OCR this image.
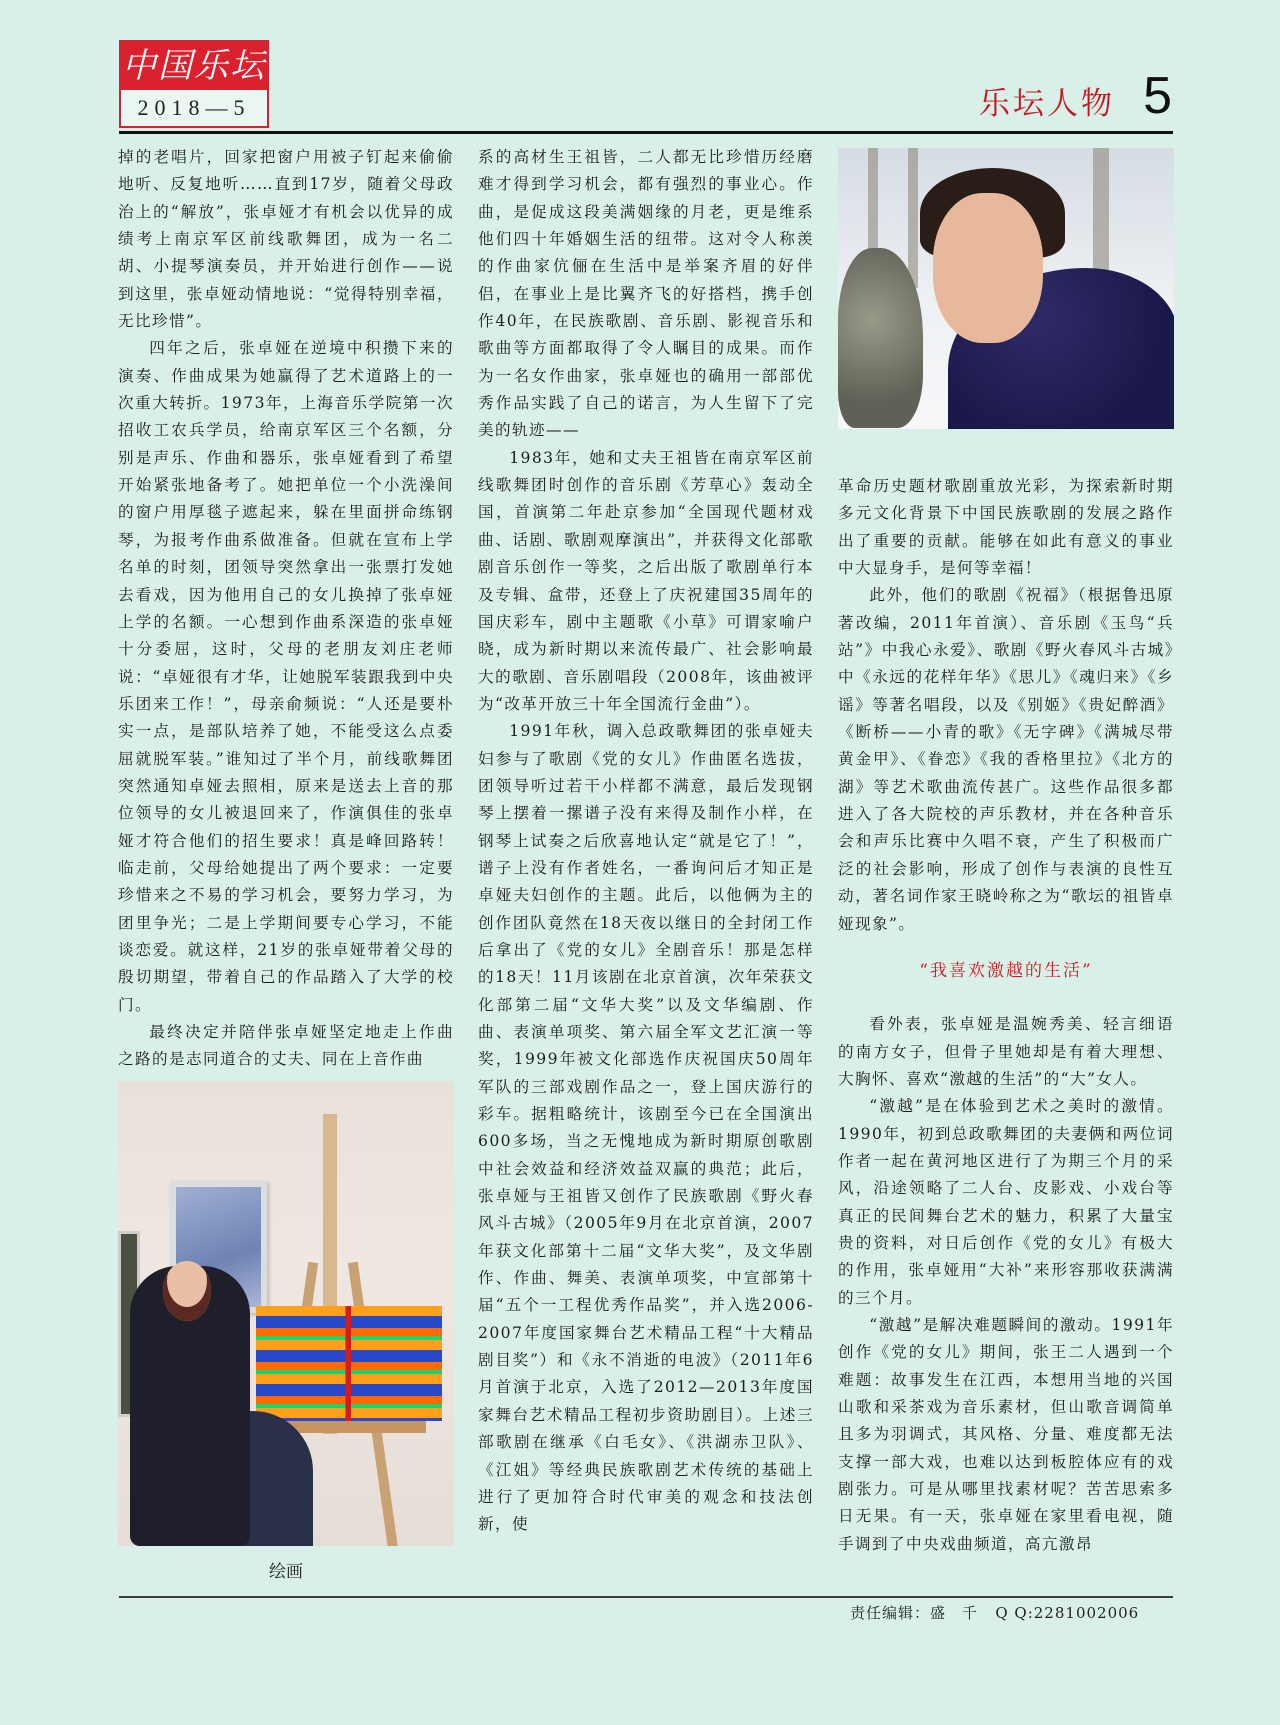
中国乐坛
2018—5	乐坛人物 5

掉的老唱片，回家把窗户用被子钉起来偷偷地听、反复地听……直到17岁，随着父母政治上的“解放”，张卓娅才有机会以优异的成绩考上南京军区前线歌舞团，成为一名二胡、小提琴演奏员，并开始进行创作——说到这里，张卓娅动情地说：“觉得特别幸福，无比珍惜”。

四年之后，张卓娅在逆境中积攒下来的演奏、作曲成果为她赢得了艺术道路上的一次重大转折。1973年，上海音乐学院第一次招收工农兵学员，给南京军区三个名额，分别是声乐、作曲和器乐，张卓娅看到了希望开始紧张地备考了。她把单位一个小洗澡间的窗户用厚毯子遮起来，躲在里面拼命练钢琴，为报考作曲系做准备。但就在宣布上学名单的时刻，团领导突然拿出一张票打发她去看戏，因为他用自己的女儿换掉了张卓娅上学的名额。一心想到作曲系深造的张卓娅十分委屈，这时，父母的老朋友刘庄老师说：“卓娅很有才华，让她脱军装跟我到中央乐团来工作！”，母亲俞频说：“人还是要朴实一点，是部队培养了她，不能受这么点委屈就脱军装。”谁知过了半个月，前线歌舞团突然通知卓娅去照相，原来是送去上音的那位领导的女儿被退回来了，作演俱佳的张卓娅才符合他们的招生要求！真是峰回路转！临走前，父母给她提出了两个要求：一定要珍惜来之不易的学习机会，要努力学习，为团里争光；二是上学期间要专心学习，不能谈恋爱。就这样，21岁的张卓娅带着父母的殷切期望，带着自己的作品踏入了大学的校门。

最终决定并陪伴张卓娅坚定地走上作曲之路的是志同道合的丈夫、同在上音作曲

绘画

系的高材生王祖皆，二人都无比珍惜历经磨难才得到学习机会，都有强烈的事业心。作曲，是促成这段美满姻缘的月老，更是维系他们四十年婚姻生活的纽带。这对令人称羡的作曲家伉俪在生活中是举案齐眉的好伴侣，在事业上是比翼齐飞的好搭档，携手创作40年，在民族歌剧、音乐剧、影视音乐和歌曲等方面都取得了令人瞩目的成果。而作为一名女作曲家，张卓娅也的确用一部部优秀作品实践了自己的诺言，为人生留下了完美的轨迹——

1983年，她和丈夫王祖皆在南京军区前线歌舞团时创作的音乐剧《芳草心》轰动全国，首演第二年赴京参加“全国现代题材戏曲、话剧、歌剧观摩演出”，并获得文化部歌剧音乐创作一等奖，之后出版了歌剧单行本及专辑、盒带，还登上了庆祝建国35周年的国庆彩车，剧中主题歌《小草》可谓家喻户晓，成为新时期以来流传最广、社会影响最大的歌剧、音乐剧唱段（2008年，该曲被评为“改革开放三十年全国流行金曲”）。

1991年秋，调入总政歌舞团的张卓娅夫妇参与了歌剧《党的女儿》作曲匿名选拔，团领导听过若干小样都不满意，最后发现钢琴上摆着一摞谱子没有来得及制作小样，在钢琴上试奏之后欣喜地认定“就是它了！”，谱子上没有作者姓名，一番询问后才知正是卓娅夫妇创作的主题。此后，以他俩为主的创作团队竟然在18天夜以继日的全封闭工作后拿出了《党的女儿》全剧音乐！那是怎样的18天！11月该剧在北京首演，次年荣获文化部第二届“文华大奖”以及文华编剧、作曲、表演单项奖、第六届全军文艺汇演一等奖，1999年被文化部选作庆祝国庆50周年军队的三部戏剧作品之一，登上国庆游行的彩车。据粗略统计，该剧至今已在全国演出600多场，当之无愧地成为新时期原创歌剧中社会效益和经济效益双赢的典范；此后，张卓娅与王祖皆又创作了民族歌剧《野火春风斗古城》（2005年9月在北京首演，2007年获文化部第十二届“文华大奖”，及文华剧作、作曲、舞美、表演单项奖，中宣部第十届“五个一工程优秀作品奖”，并入选2006-2007年度国家舞台艺术精品工程“十大精品剧目奖”）和《永不消逝的电波》（2011年6月首演于北京，入选了2012—2013年度国家舞台艺术精品工程初步资助剧目）。上述三部歌剧在继承《白毛女》、《洪湖赤卫队》、《江姐》等经典民族歌剧艺术传统的基础上进行了更加符合时代审美的观念和技法创新，使

革命历史题材歌剧重放光彩，为探索新时期多元文化背景下中国民族歌剧的发展之路作出了重要的贡献。能够在如此有意义的事业中大显身手，是何等幸福！

此外，他们的歌剧《祝福》（根据鲁迅原著改编，2011年首演）、音乐剧《玉鸟“兵站”》中我心永爱》、歌剧《野火春风斗古城》中《永远的花样年华》《思儿》《魂归来》《乡谣》等著名唱段，以及《别姬》《贵妃醉酒》《断桥——小青的歌》《无字碑》《满城尽带黄金甲》、《眷恋》《我的香格里拉》《北方的湖》等艺术歌曲流传甚广。这些作品很多都进入了各大院校的声乐教材，并在各种音乐会和声乐比赛中久唱不衰，产生了积极而广泛的社会影响，形成了创作与表演的良性互动，著名词作家王晓岭称之为“歌坛的祖皆卓娅现象”。

“我喜欢激越的生活”

看外表，张卓娅是温婉秀美、轻言细语的南方女子，但骨子里她却是有着大理想、大胸怀、喜欢“激越的生活”的“大”女人。

“激越”是在体验到艺术之美时的激情。1990年，初到总政歌舞团的夫妻俩和两位词作者一起在黄河地区进行了为期三个月的采风，沿途领略了二人台、皮影戏、小戏台等真正的民间舞台艺术的魅力，积累了大量宝贵的资料，对日后创作《党的女儿》有极大的作用，张卓娅用“大补”来形容那收获满满的三个月。

“激越”是解决难题瞬间的激动。1991年创作《党的女儿》期间，张王二人遇到一个难题：故事发生在江西，本想用当地的兴国山歌和采茶戏为音乐素材，但山歌音调简单且多为羽调式，其风格、分量、难度都无法支撑一部大戏，也难以达到板腔体应有的戏剧张力。可是从哪里找素材呢？苦苦思索多日无果。有一天，张卓娅在家里看电视，随手调到了中央戏曲频道，高亢激昂

责任编辑：盛　千 Q Q:2281002006
